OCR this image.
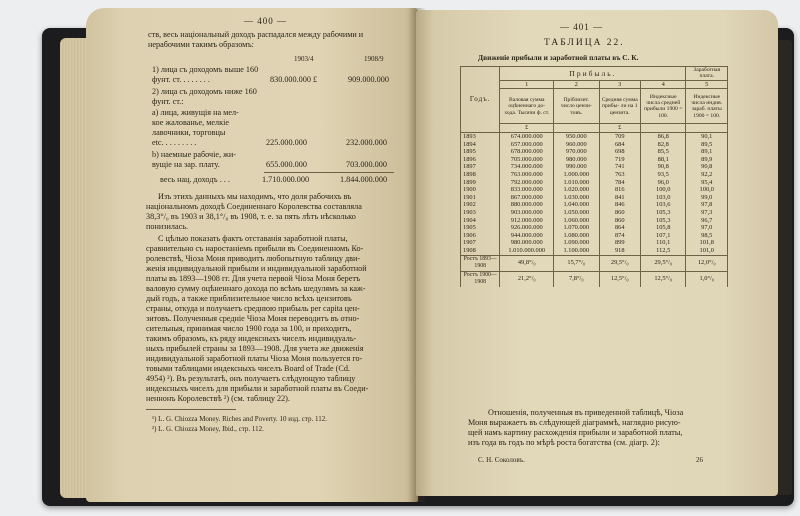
— 400 —
ств, весь національный доходъ распадался между рабочими и
нерабочими такимъ образомъ:
1903/4	1908/9
1) лица съ доходомъ выше 160
фунт. ст. . . . . . . .	830.000.000 £	909.000.000
2) лица съ доходомъ ниже 160
фунт. ст.:
а) лица, живущія на мел-
кое жалованье, мелкіе
лавочники, торговцы
etc. . . . . . . . .	225.000.000	232.000.000
b) наемные рабочіе, жи-
вущіе на зар. плату.	655.000.000	703.000.000
весь нац. доходъ . . .	1.710.000.000	1.844.000.000
Изъ этихъ данныхъ мы находимъ, что доля рабочихъ въ
національномъ доходѣ Соединеннаго Королевства составляла
38,3°/₀ въ 1903 и 38,1°/₀ въ 1908, т. е. за пять лѣтъ нѣсколько
понизилась.
С цѣлью показать фактъ отставанія заработной платы,
сравнительно съ наростаніемъ прибыли въ Соединенномъ Ко-
ролевствѣ, Чіоза Моня приводитъ любопытную таблицу дви-
женія индивидуальной прибыли и индивидуальной заработной
платы въ 1893—1908 гг. Для учета первой Чіоза Моня беретъ
валовую сумму оцѣненнаго дохода по всѣмъ шедулямъ за каж-
дый годъ, а также приблизительное число всѣхъ цензитовъ
страны, откуда и получаетъ среднюю прибыль per capita цен-
зитовъ. Полученныя средніе Чіоза Моня переводитъ въ отно-
сительныя, принимая число 1900 года за 100, и приходитъ,
такимъ образомъ, къ ряду индексныхъ чиселъ индивидуаль-
ныхъ прибылей страны за 1893—1908. Для учета же движенія
индивидуальной заработной платы Чіоза Моня пользуется го-
товыми таблицами индексныхъ чиселъ Board of Trade (Cd.
4954) ²). Въ результатѣ, онъ получаетъ слѣдующую таблицу
индексныхъ чиселъ для прибыли и заработной платы въ Соеди-
неннонъ Королевствѣ ²) (см. таблицу 22).
¹) L. G. Chiozza Money. Riches and Poverty. 10 изд. стр. 112.
²) L. G. Chiozza Money, Ibid., стр. 112.
— 401 —
ТАБЛИЦА 22.
Движеніе прибыли и заработной платы въ С. К.
Годъ.	Прибыль.				Заработная плата.
	1	2	3	4	5
	Валовая сумма оцѣненнаго до- хода. Тысячи ф. ст.	Пріблизит. число цензи- товъ.	Средняя сумма прибы- ли на 1 цензита.	Индексные числа средней прибыли 1900 = 100.	Индексные числа индив. зараб. платы 1900 = 100.
	£		£		
1893	674.000.000	950.000	709	86,8	90,1
1894	657.000.000	960.000	684	82,8	89,5
1895	678.000.000	970.000	698	85,5	89,1
1896	705.000.000	980.000	719	88,1	89,9
1897	734.000.000	990.000	741	90,8	90,8
1898	763.000.000	1.000.000	763	93,5	92,2
1899	792.000.000	1.010.000	784	96,0	95,4
1900	833.000.000	1.020.000	816	100,0	100,0
1901	867.000.000	1.030.000	841	103,0	99,0
1902	880.000.000	1.040.000	846	103,6	97,8
1903	903.000.000	1.050.000	860	105,3	97,3
1904	912.000.000	1.060.000	860	105,3	96,7
1905	926.000.000	1.070.000	864	105,8	97,0
1906	944.000.000	1.080.000	874	107,1	98,5
1907	980.000.000	1.090.000	899	110,1	101,8
1908	1.010.000.000	1.100.000	918	112,5	101,0
Ростъ 1893—1908	49,8°/₀	15,7°/₀	29,5°/₀	29,5°/₀	12,0°/₀
Ростъ 1900—1908	21,2°/₀	7,8°/₀	12,5°/₀	12,5°/₀	1,0°/₀
Отношенія, полученныя въ приведенной таблицѣ, Чіоза
Моня выражаетъ въ слѣдующей діаграммѣ, наглядно рисую-
щей намъ картину расхожденія прибыли и заработной платы,
изъ года въ годъ по мѣрѣ роста богатства (см. діагр. 2):
С. Н. Соколовъ.	26
